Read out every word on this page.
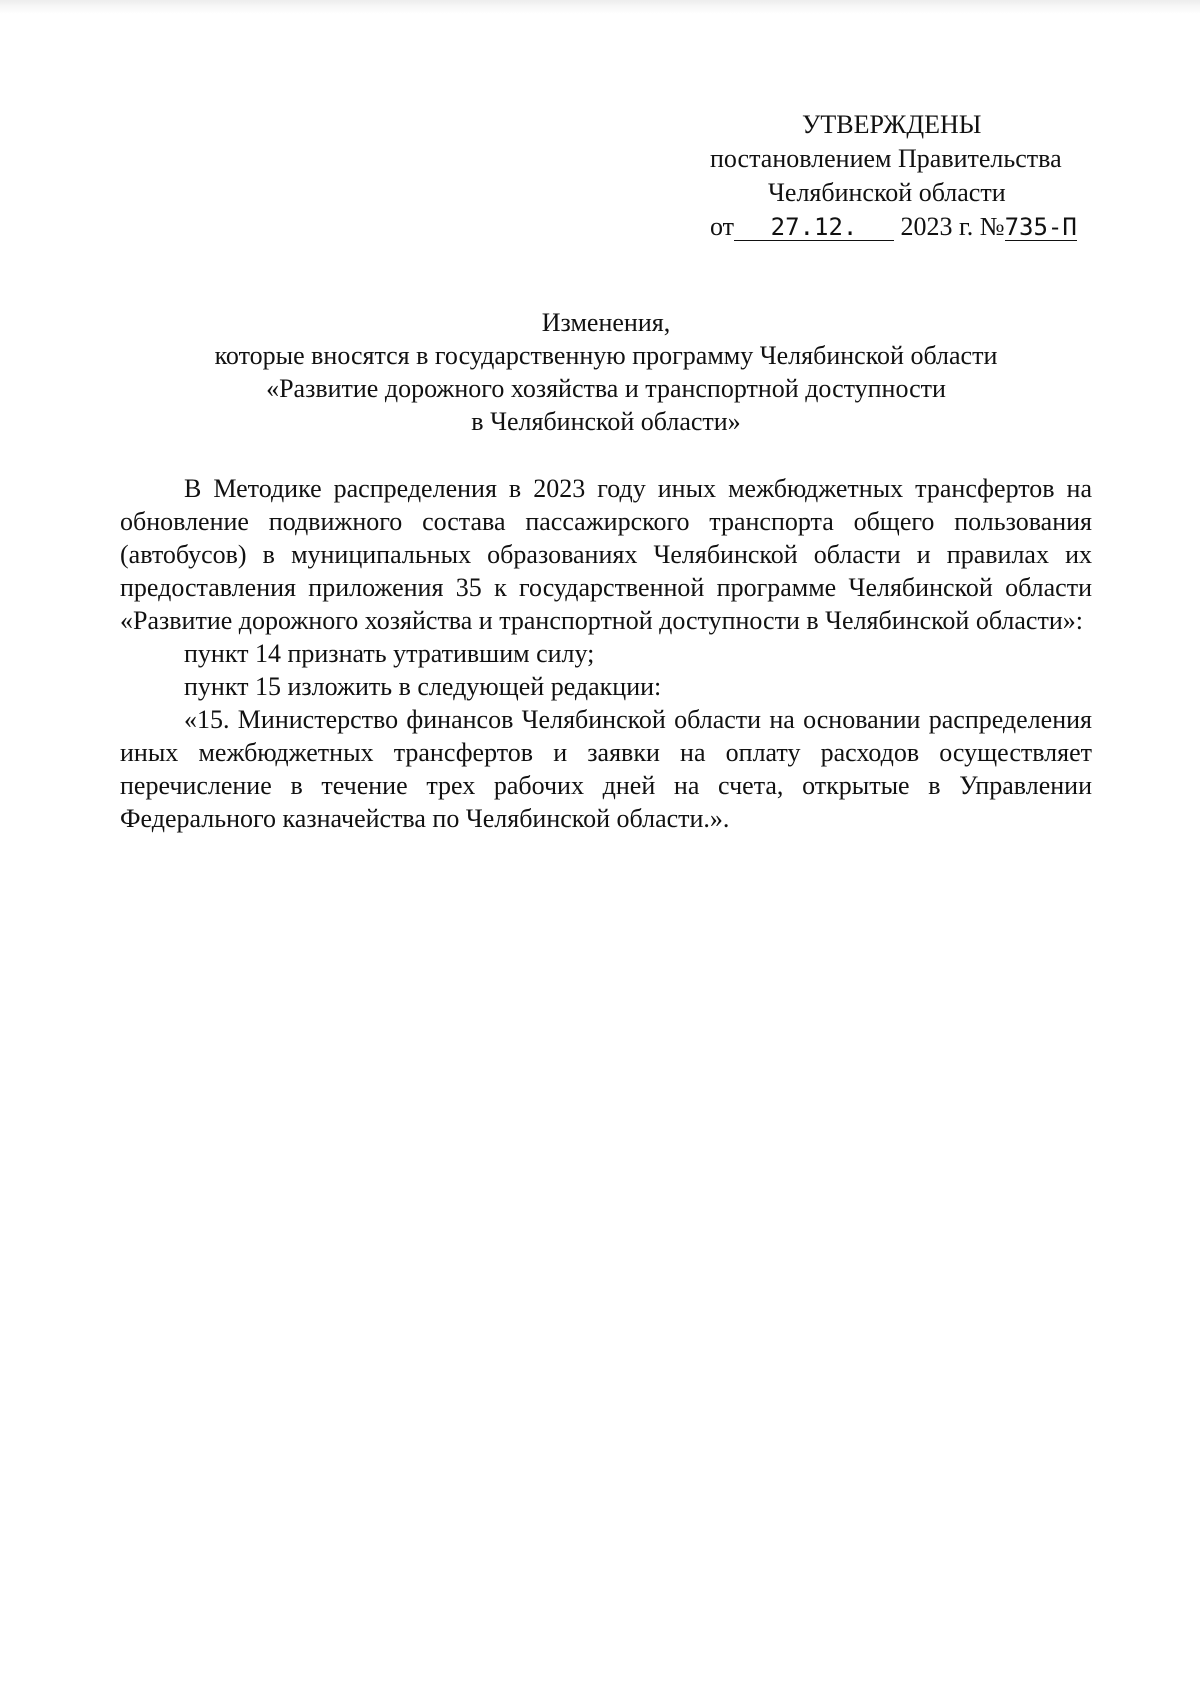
УТВЕРЖДЕНЫ
постановлением Правительства
Челябинской области
от 27.12. 2023 г. №735-П
Изменения,
которые вносятся в государственную программу Челябинской области
«Развитие дорожного хозяйства и транспортной доступности
в Челябинской области»

В Методике распределения в 2023 году иных межбюджетных трансфертов на обновление подвижного состава пассажирского транспорта общего пользования (автобусов) в муниципальных образованиях Челябинской области и правилах их предоставления приложения 35 к государственной программе Челябинской области «Развитие дорожного хозяйства и транспортной доступности в Челябинской области»:

пункт 14 признать утратившим силу;

пункт 15 изложить в следующей редакции:

«15. Министерство финансов Челябинской области на основании распределения иных межбюджетных трансфертов и заявки на оплату расходов осуществляет перечисление в течение трех рабочих дней на счета, открытые в Управлении Федерального казначейства по Челябинской области.».
